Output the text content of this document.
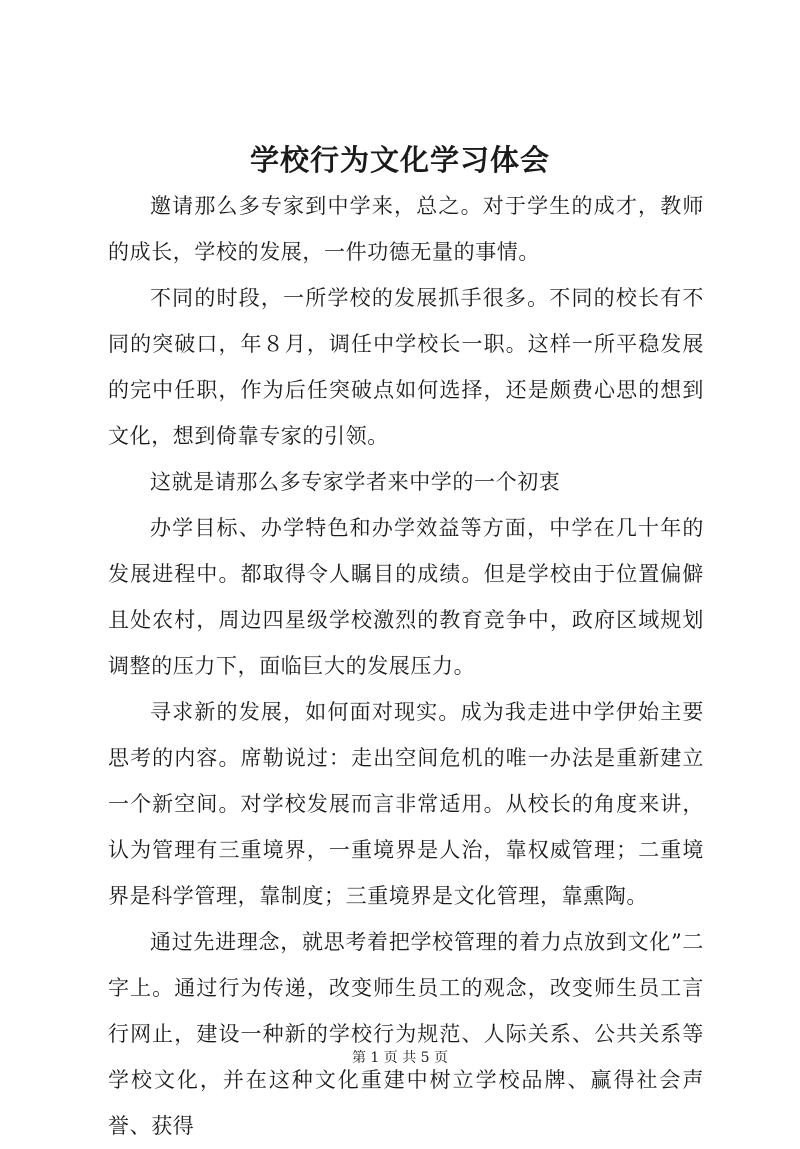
学校行为文化学习体会

邀请那么多专家到中学来，总之。对于学生的成才，教师的成长，学校的发展，一件功德无量的事情。

不同的时段，一所学校的发展抓手很多。不同的校长有不同的突破口，年８月，调任中学校长一职。这样一所平稳发展的完中任职，作为后任突破点如何选择，还是颇费心思的想到文化，想到倚靠专家的引领。

这就是请那么多专家学者来中学的一个初衷

办学目标、办学特色和办学效益等方面，中学在几十年的发展进程中。都取得令人瞩目的成绩。但是学校由于位置偏僻且处农村，周边四星级学校激烈的教育竞争中，政府区域规划调整的压力下，面临巨大的发展压力。

寻求新的发展，如何面对现实。成为我走进中学伊始主要思考的内容。席勒说过：走出空间危机的唯一办法是重新建立一个新空间。对学校发展而言非常适用。从校长的角度来讲，认为管理有三重境界，一重境界是人治，靠权威管理；二重境界是科学管理，靠制度；三重境界是文化管理，靠熏陶。

通过先进理念，就思考着把学校管理的着力点放到文化”二字上。通过行为传递，改变师生员工的观念，改变师生员工言行网止，建设一种新的学校行为规范、人际关系、公共关系等学校文化，并在这种文化重建中树立学校品牌、赢得社会声誉、获得

第 1 页 共 5 页
